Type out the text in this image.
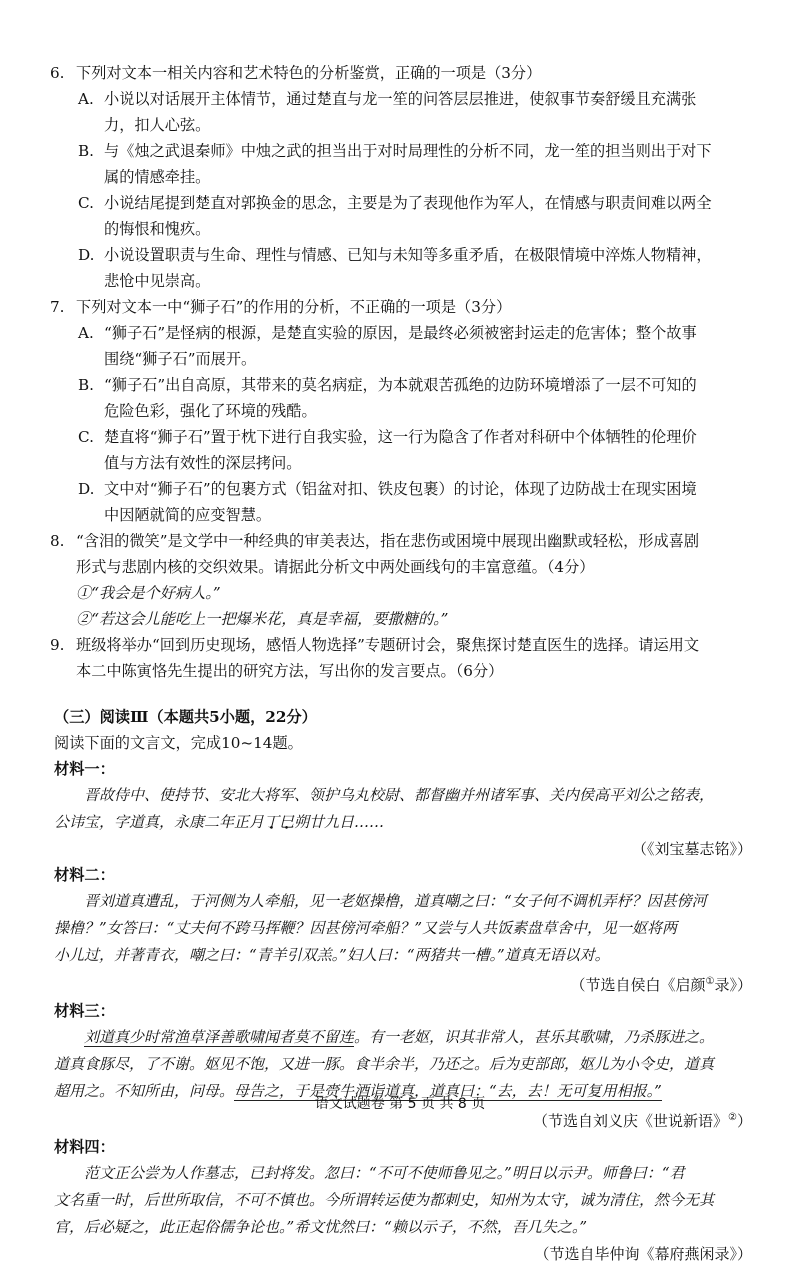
6. 下列对文本一相关内容和艺术特色的分析鉴赏，正确的一项是（3分）
A. 小说以对话展开主体情节，通过楚直与龙一笙的问答层层推进，使叙事节奏舒缓且充满张
力，扣人心弦。
B. 与《烛之武退秦师》中烛之武的担当出于对时局理性的分析不同，龙一笙的担当则出于对下
属的情感牵挂。
C. 小说结尾提到楚直对郭换金的思念，主要是为了表现他作为军人，在情感与职责间难以两全
的悔恨和愧疚。
D. 小说设置职责与生命、理性与情感、已知与未知等多重矛盾，在极限情境中淬炼人物精神，
悲怆中见崇高。
7. 下列对文本一中“狮子石”的作用的分析，不正确的一项是（3分）
A. “狮子石”是怪病的根源，是楚直实验的原因，是最终必须被密封运走的危害体；整个故事
围绕“狮子石”而展开。
B. “狮子石”出自高原，其带来的莫名病症，为本就艰苦孤绝的边防环境增添了一层不可知的
危险色彩，强化了环境的残酷。
C. 楚直将“狮子石”置于枕下进行自我实验，这一行为隐含了作者对科研中个体牺牲的伦理价
值与方法有效性的深层拷问。
D. 文中对“狮子石”的包裹方式（铝盆对扣、铁皮包裹）的讨论，体现了边防战士在现实困境
中因陋就简的应变智慧。
8. “含泪的微笑”是文学中一种经典的审美表达，指在悲伤或困境中展现出幽默或轻松，形成喜剧
形式与悲剧内核的交织效果。请据此分析文中两处画线句的丰富意蕴。（4分）
①“我会是个好病人。”
②“若这会儿能吃上一把爆米花，真是幸福，要撒糖的。”
9. 班级将举办“回到历史现场，感悟人物选择”专题研讨会，聚焦探讨楚直医生的选择。请运用文
本二中陈寅恪先生提出的研究方法，写出你的发言要点。（6分）
（三）阅读Ⅲ（本题共5小题，22分）
阅读下面的文言文，完成10~14题。
材料一：
晋故侍中、使持节、安北大将军、领护乌丸校尉、都督幽并州诸军事、关内侯高平刘公之铭表，
公讳宝，字道真，永康二年正月丁巳朔廿九日……
（《刘宝墓志铭》）
材料二：
晋刘道真遭乱，于河侧为人牵船，见一老妪操橹，道真嘲之曰：“女子何不调机弄杼？因甚傍河
操橹？”女答曰：“丈夫何不跨马挥鞭？因甚傍河牵船？”又尝与人共饭素盘草舍中，见一妪将两
小儿过，并著青衣，嘲之曰：“青羊引双羔。”妇人曰：“两猪共一槽。”道真无语以对。
（节选自侯白《启颜①录》）
材料三：
刘道真少时常渔草泽善歌啸闻者莫不留连。有一老妪，识其非常人，甚乐其歌啸，乃杀豚进之。
道真食豚尽，了不谢。妪见不饱，又进一豚。食半余半，乃还之。后为吏部郎，妪儿为小令史，道真
超用之。不知所由，问母。母告之，于是赍牛酒诣道真，道真曰：“去，去！无可复用相报。”
（节选自刘义庆《世说新语》②）
材料四：
范文正公尝为人作墓志，已封将发。忽曰：“不可不使师鲁见之。”明日以示尹。师鲁曰：“君
文名重一时，后世所取信，不可不慎也。今所谓转运使为都刺史，知州为太守，诚为清住，然今无其
官，后必疑之，此正起俗儒争论也。”希文忧然曰：“赖以示子，不然，吾几失之。”
（节选自毕仲询《幕府燕闲录》）
语文试题卷 第 5 页 共 8 页
